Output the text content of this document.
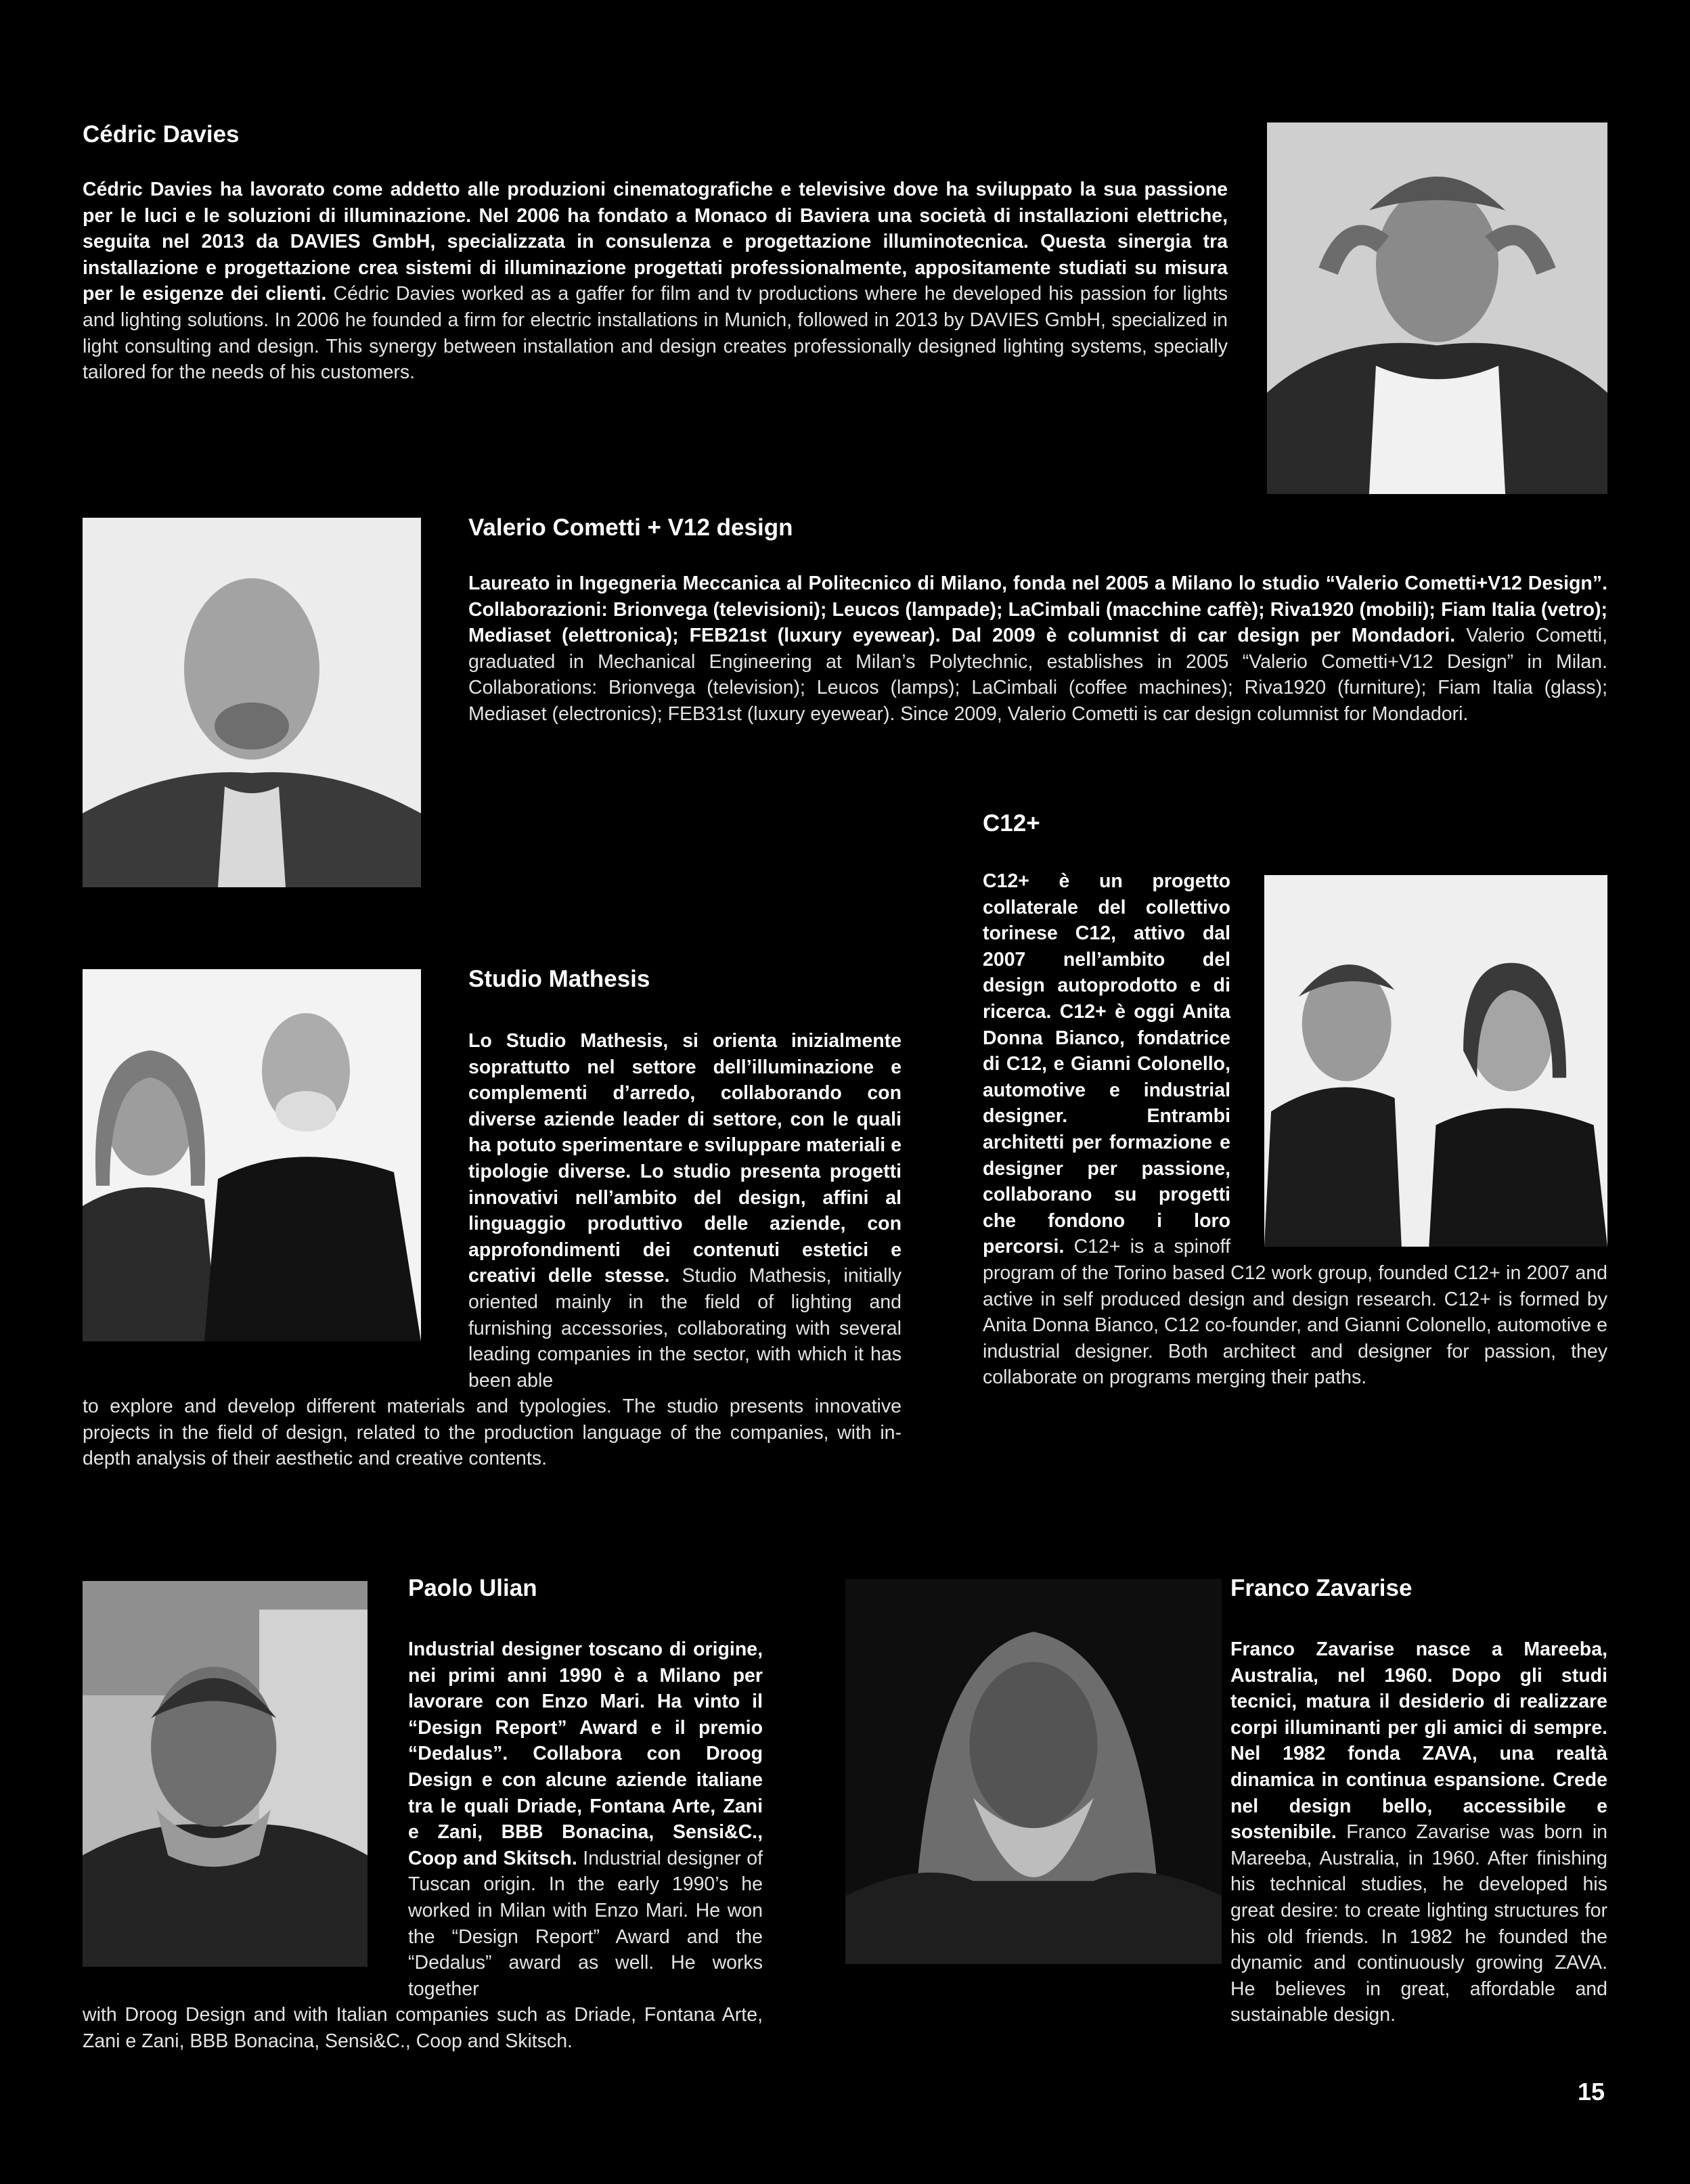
Cédric Davies
Cédric Davies ha lavorato come addetto alle produzioni cinematografiche e televisive dove ha sviluppato la sua passione per le luci e le soluzioni di illuminazione. Nel 2006 ha fondato a Monaco di Baviera una società di installazioni elettriche, seguita nel 2013 da DAVIES GmbH, specializzata in consulenza e progettazione illuminotecnica. Questa sinergia tra installazione e progettazione crea sistemi di illuminazione progettati professionalmente, appositamente studiati su misura per le esigenze dei clienti. Cédric Davies worked as a gaffer for film and tv productions where he developed his passion for lights and lighting solutions. In 2006 he founded a firm for electric installations in Munich, followed in 2013 by DAVIES GmbH, specialized in light consulting and design. This synergy between installation and design creates professionally designed lighting systems, specially tailored for the needs of his customers.
Valerio Cometti + V12 design
Laureato in Ingegneria Meccanica al Politecnico di Milano, fonda nel 2005 a Milano lo studio “Valerio Cometti+V12 Design”. Collaborazioni: Brionvega (televisioni); Leucos (lampade); LaCimbali (macchine caffè); Riva1920 (mobili); Fiam Italia (vetro); Mediaset (elettronica); FEB21st (luxury eyewear). Dal 2009 è columnist di car design per Mondadori. Valerio Cometti, graduated in Mechanical Engineering at Milan’s Polytechnic, establishes in 2005 “Valerio Cometti+V12 Design” in Milan. Collaborations: Brionvega (television); Leucos (lamps); LaCimbali (coffee machines); Riva1920 (furniture); Fiam Italia (glass); Mediaset (electronics); FEB31st (luxury eyewear). Since 2009, Valerio Cometti is car design columnist for Mondadori.
C12+
C12+ è un progetto collaterale del collettivo torinese C12, attivo dal 2007 nell’ambito del design autoprodotto e di ricerca. C12+ è oggi Anita Donna Bianco, fondatrice di C12, e Gianni Colonello, automotive e industrial designer. Entrambi architetti per formazione e designer per passione, collaborano su progetti che fondono i loro percorsi. C12+ is a spinoff program of the Torino based C12 work group, founded C12+ in 2007 and active in self produced design and design research. C12+ is formed by Anita Donna Bianco, C12 co-founder, and Gianni Colonello, automotive e industrial designer. Both architect and designer for passion, they collaborate on programs merging their paths.
Studio Mathesis
Lo Studio Mathesis, si orienta inizialmente soprattutto nel settore dell’illuminazione e complementi d’arredo, collaborando con diverse aziende leader di settore, con le quali ha potuto sperimentare e sviluppare materiali e tipologie diverse. Lo studio presenta progetti innovativi nell’ambito del design, affini al linguaggio produttivo delle aziende, con approfondimenti dei contenuti estetici e creativi delle stesse. Studio Mathesis, initially oriented mainly in the field of lighting and furnishing accessories, collaborating with several leading companies in the sector, with which it has been able
to explore and develop different materials and typologies. The studio presents innovative projects in the field of design, related to the production language of the companies, with in-depth analysis of their aesthetic and creative contents.
Paolo Ulian
Industrial designer toscano di origine, nei primi anni 1990 è a Milano per lavorare con Enzo Mari. Ha vinto il “Design Report” Award e il premio “Dedalus”. Collabora con Droog Design e con alcune aziende italiane tra le quali Driade, Fontana Arte, Zani e Zani, BBB Bonacina, Sensi&C., Coop and Skitsch. Industrial designer of Tuscan origin. In the early 1990’s he worked in Milan with Enzo Mari. He won the “Design Report” Award and the “Dedalus” award as well. He works together
with Droog Design and with Italian companies such as Driade, Fontana Arte, Zani e Zani, BBB Bonacina, Sensi&C., Coop and Skitsch.
Franco Zavarise
Franco Zavarise nasce a Mareeba, Australia, nel 1960. Dopo gli studi tecnici, matura il desiderio di realizzare corpi illuminanti per gli amici di sempre. Nel 1982 fonda ZAVA, una realtà dinamica in continua espansione. Crede nel design bello, accessibile e sostenibile. Franco Zavarise was born in Mareeba, Australia, in 1960. After finishing his technical studies, he developed his great desire: to create lighting structures for his old friends. In 1982 he founded the dynamic and continuously growing ZAVA. He believes in great, affordable and sustainable design.
15
